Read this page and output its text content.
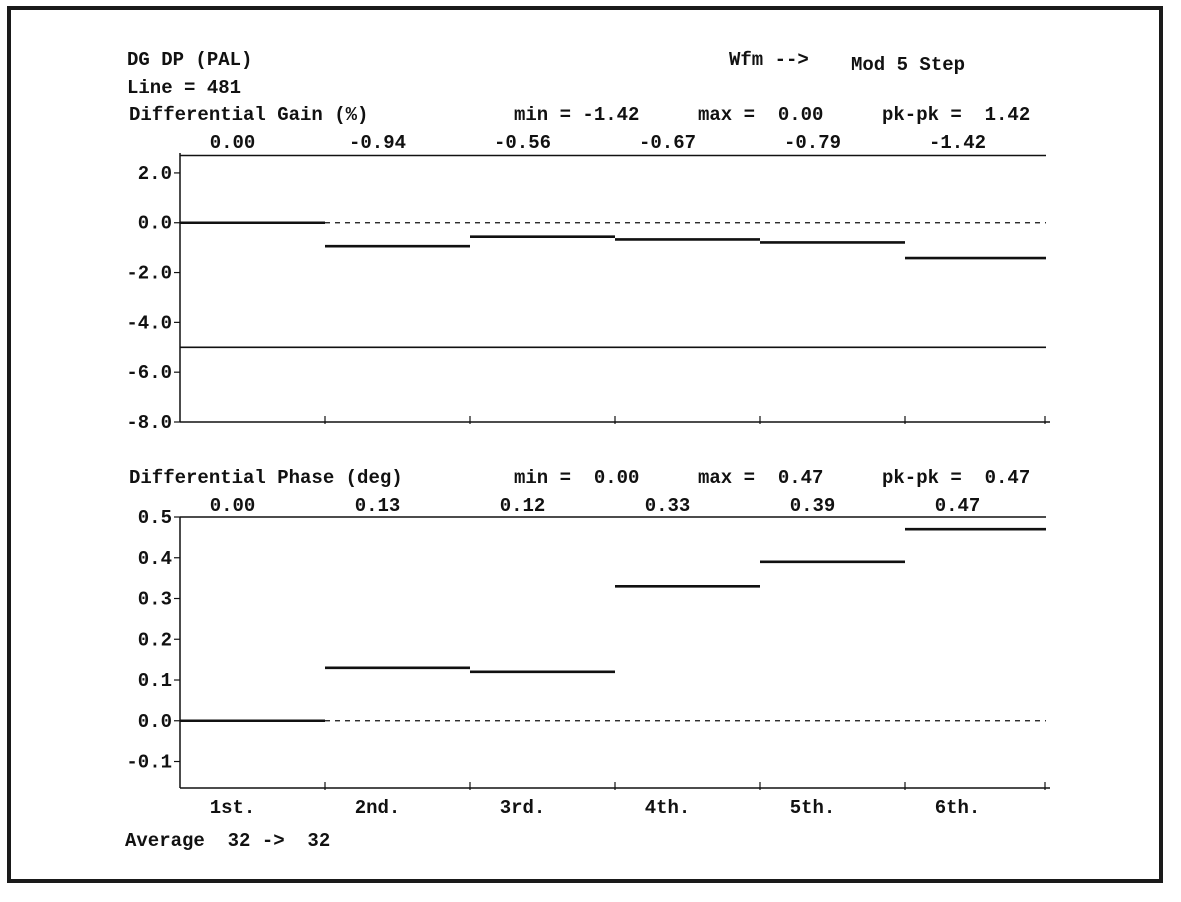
DG DP (PAL)
Line = 481
Wfm --> Mod 5 Step
Differential Gain (%)	min = -1.42	max =  0.00	pk-pk =  1.42
Differential Phase (deg)	min =  0.00	max =  0.47	pk-pk =  0.47
Average  32 ->  32
2.0
0.0
-2.0
-4.0
-6.0
-8.0
0.00	-0.94	-0.56	-0.67	-0.79	-1.42
0.5
0.4
0.3
0.2
0.1
0.0
-0.1
0.00	0.13	0.12	0.33	0.39	0.47
1st.	2nd.	3rd.	4th.	5th.	6th.
